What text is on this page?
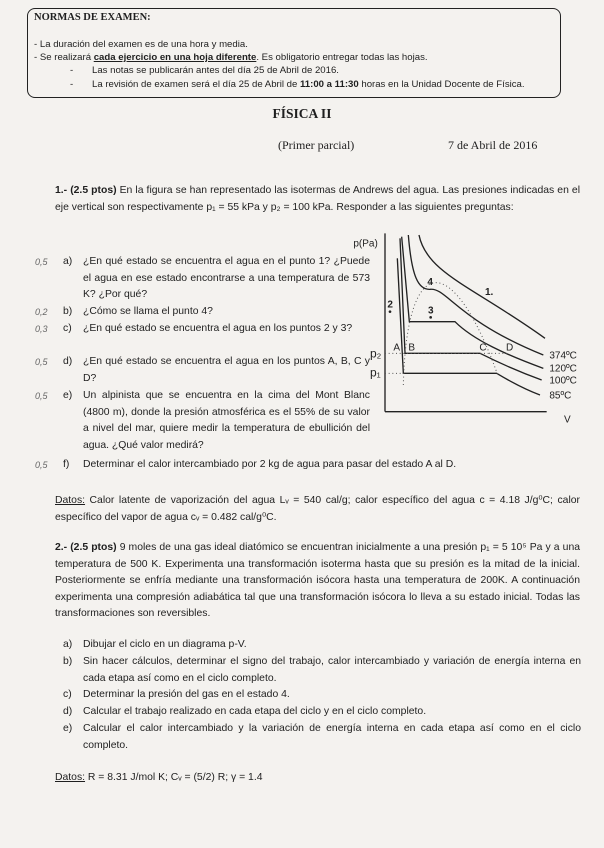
NORMAS DE EXAMEN:
- La duración del examen es de una hora y media.
- Se realizará cada ejercicio en una hoja diferente. Es obligatorio entregar todas las hojas.
- Las notas se publicarán antes del día 25 de Abril de 2016.
- La revisión de examen será el día 25 de Abril de 11:00 a 11:30 horas en la Unidad Docente de Física.
FÍSICA II
(Primer parcial)	7 de Abril de 2016
1.- (2.5 ptos) En la figura se han representado las isotermas de Andrews del agua. Las presiones indicadas en el eje vertical son respectivamente p₁ = 55 kPa y p₂ = 100 kPa. Responder a las siguientes preguntas:
0,5 a) ¿En qué estado se encuentra el agua en el punto 1? ¿Puede el agua en ese estado encontrarse a una temperatura de 573 K? ¿Por qué?
0,2 b) ¿Cómo se llama el punto 4?
0,3 c) ¿En qué estado se encuentra el agua en los puntos 2 y 3?
0,5 d) ¿En qué estado se encuentra el agua en los puntos A, B, C y D?
0,5 e) Un alpinista que se encuentra en la cima del Mont Blanc (4800 m), donde la presión atmosférica es el 55% de su valor a nivel del mar, quiere medir la temperatura de ebullición del agua. ¿Qué valor medirá?
0,5 f) Determinar el calor intercambiado por 2 kg de agua para pasar del estado A al D.
p(Pa)
V
p₂
p₁
1.
2
3
4
A B C D
374ºC
120ºC
100ºC
85ºC
Datos: Calor latente de vaporización del agua Lᵥ = 540 cal/g; calor específico del agua c = 4.18 J/g⁰C; calor específico del vapor de agua cᵥ = 0.482 cal/g⁰C.
2.- (2.5 ptos) 9 moles de una gas ideal diatómico se encuentran inicialmente a una presión p₁ = 5 10⁵ Pa y a una temperatura de 500 K. Experimenta una transformación isoterma hasta que su presión es la mitad de la inicial. Posteriormente se enfría mediante una transformación isócora hasta una temperatura de 200K. A continuación experimenta una compresión adiabática tal que una transformación isócora lo lleva a su estado inicial. Todas las transformaciones son reversibles.
a) Dibujar el ciclo en un diagrama p-V.
b) Sin hacer cálculos, determinar el signo del trabajo, calor intercambiado y variación de energía interna en cada etapa así como en el ciclo completo.
c) Determinar la presión del gas en el estado 4.
d) Calcular el trabajo realizado en cada etapa del ciclo y en el ciclo completo.
e) Calcular el calor intercambiado y la variación de energía interna en cada etapa así como en el ciclo completo.
Datos: R = 8.31 J/mol K; Cᵥ = (5/2) R; γ = 1.4
